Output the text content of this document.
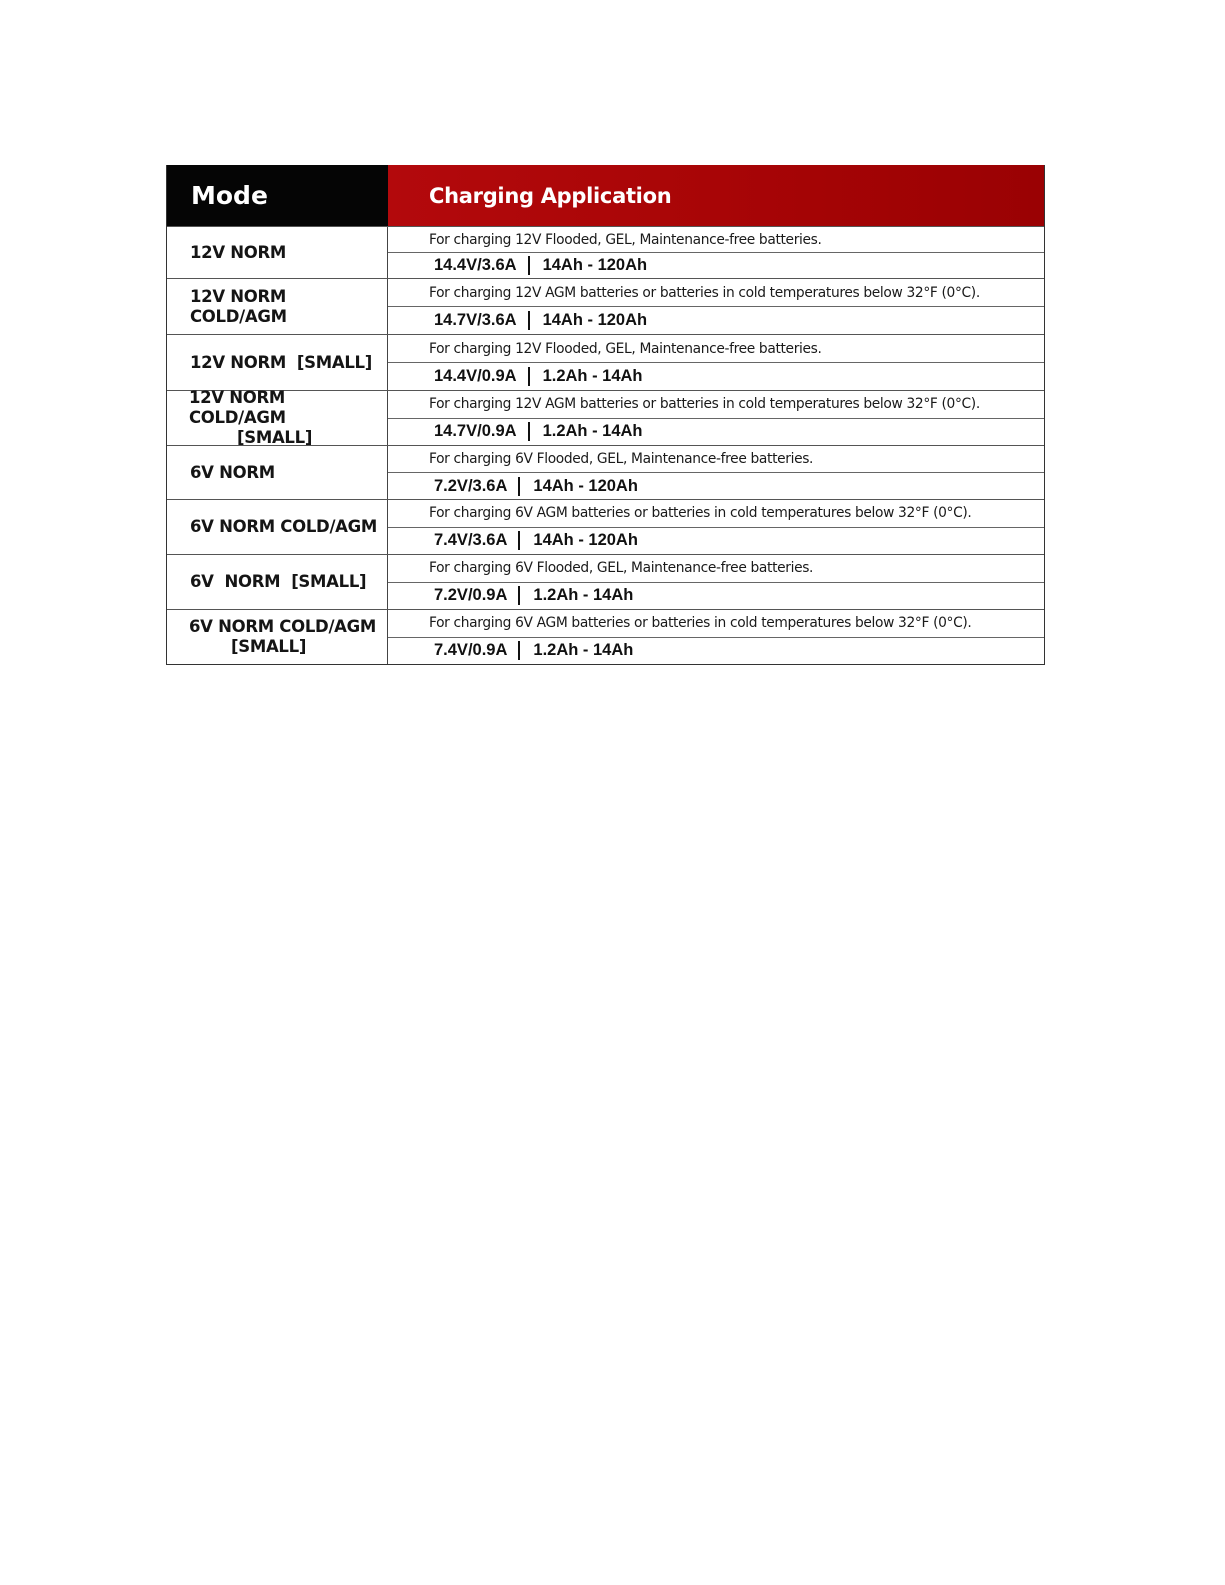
Mode	Charging Application
12V NORM
For charging 12V Flooded, GEL, Maintenance-free batteries.
14.4V/3.6A 14Ah - 120Ah
12V NORM COLD/AGM
For charging 12V AGM batteries or batteries in cold temperatures below 32°F (0°C).
14.7V/3.6A 14Ah - 120Ah
12V NORM  [SMALL]
For charging 12V Flooded, GEL, Maintenance-free batteries.
14.4V/0.9A 1.2Ah - 14Ah
12V NORM COLD/AGM
[SMALL]
For charging 12V AGM batteries or batteries in cold temperatures below 32°F (0°C).
14.7V/0.9A 1.2Ah - 14Ah
6V NORM
For charging 6V Flooded, GEL, Maintenance-free batteries.
7.2V/3.6A 14Ah - 120Ah
6V NORM COLD/AGM
For charging 6V AGM batteries or batteries in cold temperatures below 32°F (0°C).
7.4V/3.6A 14Ah - 120Ah
6V  NORM  [SMALL]
For charging 6V Flooded, GEL, Maintenance-free batteries.
7.2V/0.9A 1.2Ah - 14Ah
6V NORM COLD/AGM
[SMALL]
For charging 6V AGM batteries or batteries in cold temperatures below 32°F (0°C).
7.4V/0.9A 1.2Ah - 14Ah
